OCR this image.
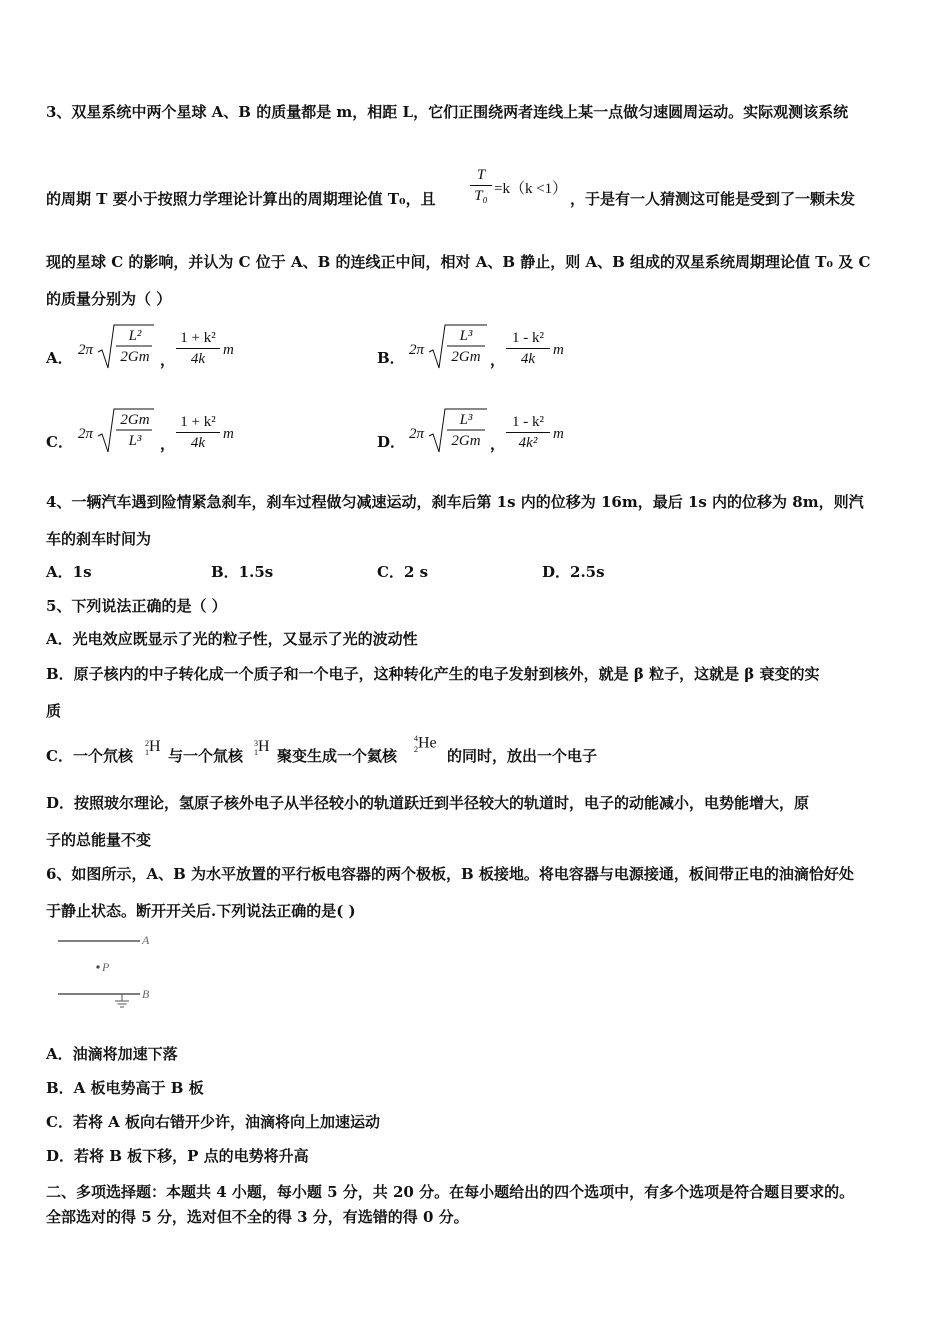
3、双星系统中两个星球 A、B 的质量都是 m，相距 L，它们正围绕两者连线上某一点做匀速圆周运动。实际观测该系统
的周期 T 要小于按照力学理论计算出的周期理论值 T₀，且
T
T₀ =k（k <1）
，于是有一人猜测这可能是受到了一颗未发
现的星球 C 的影响，并认为 C 位于 A、B 的连线正中间，相对 A、B 静止，则 A、B 组成的双星系统周期理论值 T₀ 及 C
的质量分别为（ ）
A． 2π
L²
2Gm ，
1 + k²
4k
m	B． 2π
L³
2Gm ，
1 - k²
4k
m
C． 2π
2Gm
L³	，
1 + k²
4k
m	D． 2π
L³
2Gm ，
1 - k²
4k²
m
4、一辆汽车遇到险情紧急刹车，刹车过程做匀减速运动，刹车后第 1s 内的位移为 16m，最后 1s 内的位移为 8m，则汽
车的刹车时间为
A．1s	B．1.5s	C．2 s	D．2.5s
5、下列说法正确的是（ ）
A．光电效应既显示了光的粒子性，又显示了光的波动性
B．原子核内的中子转化成一个质子和一个电子，这种转化产生的电子发射到核外，就是 β 粒子，这就是 β 衰变的实
质
C．一个氘核
2
1H
与一个氚核
3
1H
聚变生成一个氦核
4
2He
的同时，放出一个电子
D．按照玻尔理论，氢原子核外电子从半径较小的轨道跃迁到半径较大的轨道时，电子的动能减小，电势能增大，原
子的总能量不变
6、如图所示，A、B 为水平放置的平行板电容器的两个极板，B 板接地。将电容器与电源接通，板间带正电的油滴恰好处
于静止状态。断开开关后.下列说法正确的是( )
A
P
B
A．油滴将加速下落
B．A 板电势高于 B 板
C．若将 A 板向右错开少许，油滴将向上加速运动
D．若将 B 板下移，P 点的电势将升高
二、多项选择题：本题共 4 小题，每小题 5 分，共 20 分。在每小题给出的四个选项中，有多个选项是符合题目要求的。
全部选对的得 5 分，选对但不全的得 3 分，有选错的得 0 分。
